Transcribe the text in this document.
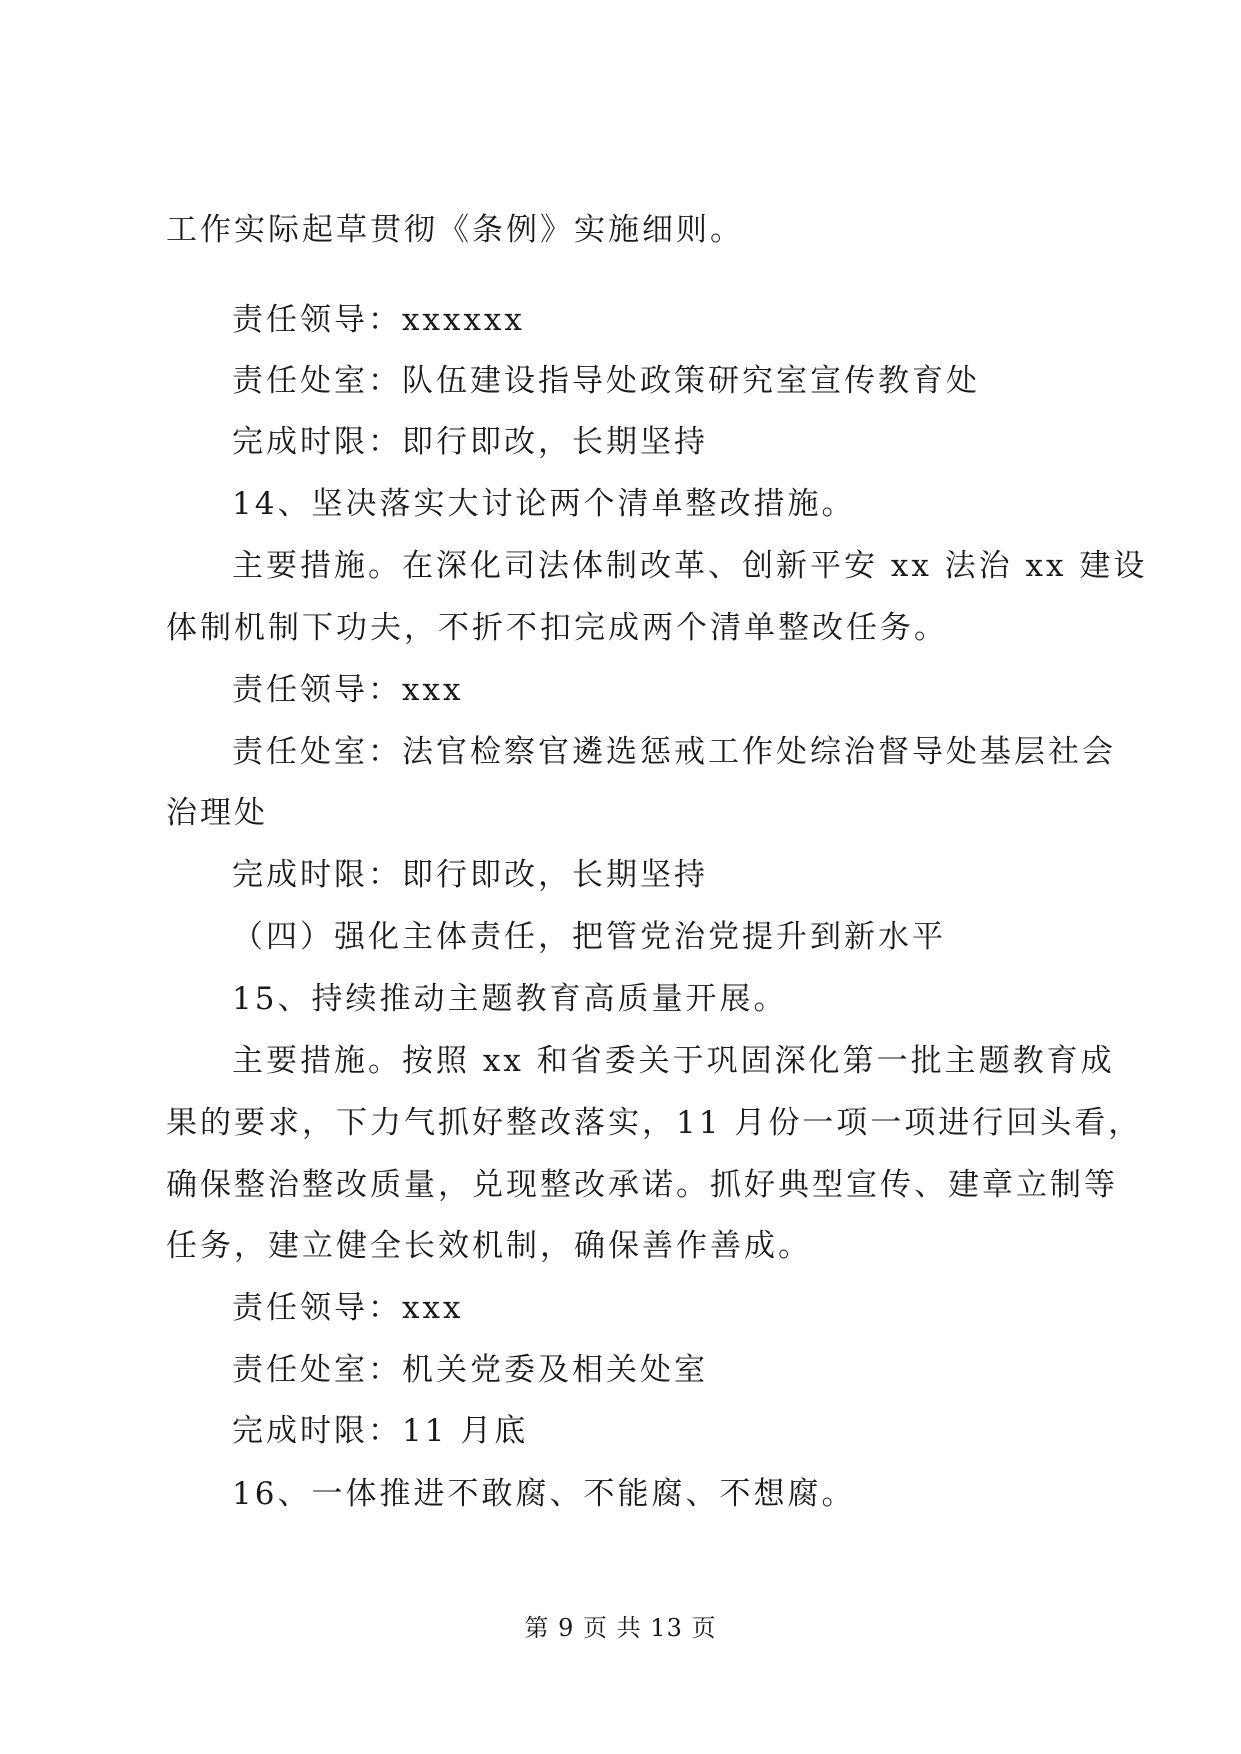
工作实际起草贯彻《条例》实施细则。
责任领导：xxxxxx
责任处室：队伍建设指导处政策研究室宣传教育处
完成时限：即行即改，长期坚持
14、坚决落实大讨论两个清单整改措施。
主要措施。在深化司法体制改革、创新平安 xx 法治 xx 建设
体制机制下功夫，不折不扣完成两个清单整改任务。
责任领导：xxx
责任处室：法官检察官遴选惩戒工作处综治督导处基层社会
治理处
完成时限：即行即改，长期坚持
（四）强化主体责任，把管党治党提升到新水平
15、持续推动主题教育高质量开展。
主要措施。按照 xx 和省委关于巩固深化第一批主题教育成
果的要求，下力气抓好整改落实，11 月份一项一项进行回头看，
确保整治整改质量，兑现整改承诺。抓好典型宣传、建章立制等
任务，建立健全长效机制，确保善作善成。
责任领导：xxx
责任处室：机关党委及相关处室
完成时限：11 月底
16、一体推进不敢腐、不能腐、不想腐。
第 9 页 共 13 页
